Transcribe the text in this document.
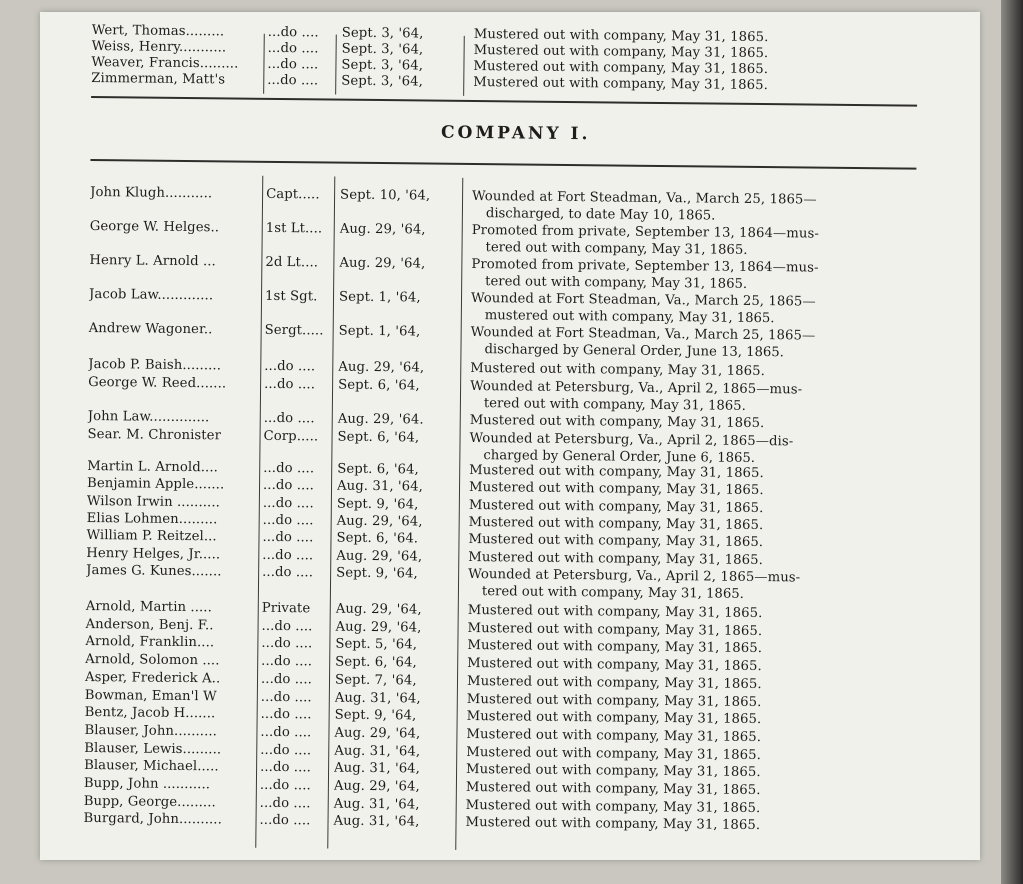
COMPANY I.
Wert, Thomas.........	...do ....	Sept. 3, '64,	Mustered out with company, May 31, 1865.
Weiss, Henry...........	...do ....	Sept. 3, '64,	Mustered out with company, May 31, 1865.
Weaver, Francis.........	...do ....	Sept. 3, '64,	Mustered out with company, May 31, 1865.
Zimmerman, Matt's	...do ....	Sept. 3, '64,	Mustered out with company, May 31, 1865.
John Klugh...........	Capt.....	Sept. 10, '64,	Wounded at Fort Steadman, Va., March 25, 1865—
discharged, to date May 10, 1865.
George W. Helges..	1st Lt....	Aug. 29, '64,	Promoted from private, September 13, 1864—mus-
tered out with company, May 31, 1865.
Henry L. Arnold ...	2d Lt....	Aug. 29, '64,	Promoted from private, September 13, 1864—mus-
tered out with company, May 31, 1865.
Jacob Law.............	1st Sgt.	Sept. 1, '64,	Wounded at Fort Steadman, Va., March 25, 1865—
mustered out with company, May 31, 1865.
Andrew Wagoner..	Sergt.....	Sept. 1, '64,	Wounded at Fort Steadman, Va., March 25, 1865—
discharged by General Order, June 13, 1865.
Jacob P. Baish.........	...do ....	Aug. 29, '64,	Mustered out with company, May 31, 1865.
George W. Reed.......	...do ....	Sept. 6, '64,	Wounded at Petersburg, Va., April 2, 1865—mus-
tered out with company, May 31, 1865.
John Law..............	...do ....	Aug. 29, '64.	Mustered out with company, May 31, 1865.
Sear. M. Chronister	Corp.....	Sept. 6, '64,	Wounded at Petersburg, Va., April 2, 1865—dis-
charged by General Order, June 6, 1865.
Martin L. Arnold....	...do ....	Sept. 6, '64,	Mustered out with company, May 31, 1865.
Benjamin Apple.......	...do ....	Aug. 31, '64,	Mustered out with company, May 31, 1865.
Wilson Irwin ..........	...do ....	Sept. 9, '64,	Mustered out with company, May 31, 1865.
Elias Lohmen.........	...do ....	Aug. 29, '64,	Mustered out with company, May 31, 1865.
William P. Reitzel...	...do ....	Sept. 6, '64.	Mustered out with company, May 31, 1865.
Henry Helges, Jr.....	...do ....	Aug. 29, '64,	Mustered out with company, May 31, 1865.
James G. Kunes.......	...do ....	Sept. 9, '64,	Wounded at Petersburg, Va., April 2, 1865—mus-
tered out with company, May 31, 1865.
Arnold, Martin .....	Private	Aug. 29, '64,	Mustered out with company, May 31, 1865.
Anderson, Benj. F..	...do ....	Aug. 29, '64,	Mustered out with company, May 31, 1865.
Arnold, Franklin....	...do ....	Sept. 5, '64,	Mustered out with company, May 31, 1865.
Arnold, Solomon ....	...do ....	Sept. 6, '64,	Mustered out with company, May 31, 1865.
Asper, Frederick A..	...do ....	Sept. 7, '64,	Mustered out with company, May 31, 1865.
Bowman, Eman'l W	...do ....	Aug. 31, '64,	Mustered out with company, May 31, 1865.
Bentz, Jacob H.......	...do ....	Sept. 9, '64,	Mustered out with company, May 31, 1865.
Blauser, John..........	...do ....	Aug. 29, '64,	Mustered out with company, May 31, 1865.
Blauser, Lewis.........	...do ....	Aug. 31, '64,	Mustered out with company, May 31, 1865.
Blauser, Michael.....	...do ....	Aug. 31, '64,	Mustered out with company, May 31, 1865.
Bupp, John ...........	...do ....	Aug. 29, '64,	Mustered out with company, May 31, 1865.
Bupp, George.........	...do ....	Aug. 31, '64,	Mustered out with company, May 31, 1865.
Burgard, John..........	...do ....	Aug. 31, '64,	Mustered out with company, May 31, 1865.
